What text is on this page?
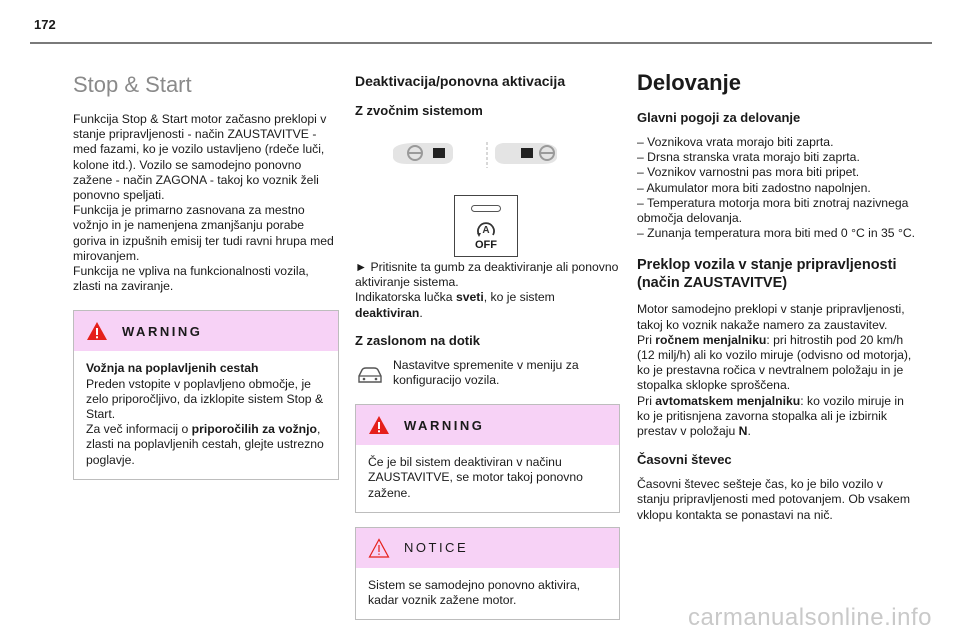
172
Stop & Start

Funkcija Stop & Start motor začasno preklopi v stanje pripravljenosti - način ZAUSTAVITVE - med fazami, ko je vozilo ustavljeno (rdeče luči, kolone itd.). Vozilo se samodejno ponovno zažene - način ZAGONA - takoj ko voznik želi ponovno speljati.

Funkcija je primarno zasnovana za mestno vožnjo in je namenjena zmanjšanju porabe goriva in izpušnih emisij ter tudi ravni hrupa med mirovanjem.

Funkcija ne vpliva na funkcionalnosti vozila, zlasti na zaviranje.

WARNING

Vožnja na poplavljenih cestah

Preden vstopite v poplavljeno območje, je zelo priporočljivo, da izklopite sistem Stop & Start.

Za več informacij o priporočilih za vožnjo, zlasti na poplavljenih cestah, glejte ustrezno poglavje.

Deaktivacija/ponovna aktivacija
Z zvočnim sistemom
A
OFF

► Pritisnite ta gumb za deaktiviranje ali ponovno aktiviranje sistema.

Indikatorska lučka sveti, ko je sistem deaktiviran.

Z zaslonom na dotik

Nastavitve spremenite v meniju za konfiguracijo vozila.

WARNING

Če je bil sistem deaktiviran v načinu ZAUSTAVITVE, se motor takoj ponovno zažene.

NOTICE

Sistem se samodejno ponovno aktivira, kadar voznik zažene motor.

Delovanje
Glavni pogoji za delovanje

– Voznikova vrata morajo biti zaprta.

– Drsna stranska vrata morajo biti zaprta.

– Voznikov varnostni pas mora biti pripet.

– Akumulator mora biti zadostno napolnjen.

– Temperatura motorja mora biti znotraj nazivnega območja delovanja.

– Zunanja temperatura mora biti med 0 °C in 35 °C.

Preklop vozila v stanje pripravljenosti (način ZAUSTAVITVE)

Motor samodejno preklopi v stanje pripravljenosti, takoj ko voznik nakaže namero za zaustavitev.

Pri ročnem menjalniku: pri hitrostih pod 20 km/h (12 milj/h) ali ko vozilo miruje (odvisno od motorja), ko je prestavna ročica v nevtralnem položaju in je stopalka sklopke sproščena.

Pri avtomatskem menjalniku: ko vozilo miruje in ko je pritisnjena zavorna stopalka ali je izbirnik prestav v položaju N.

Časovni števec

Časovni števec sešteje čas, ko je bilo vozilo v stanju pripravljenosti med potovanjem. Ob vsakem vklopu kontakta se ponastavi na nič.

carmanualsonline.info
